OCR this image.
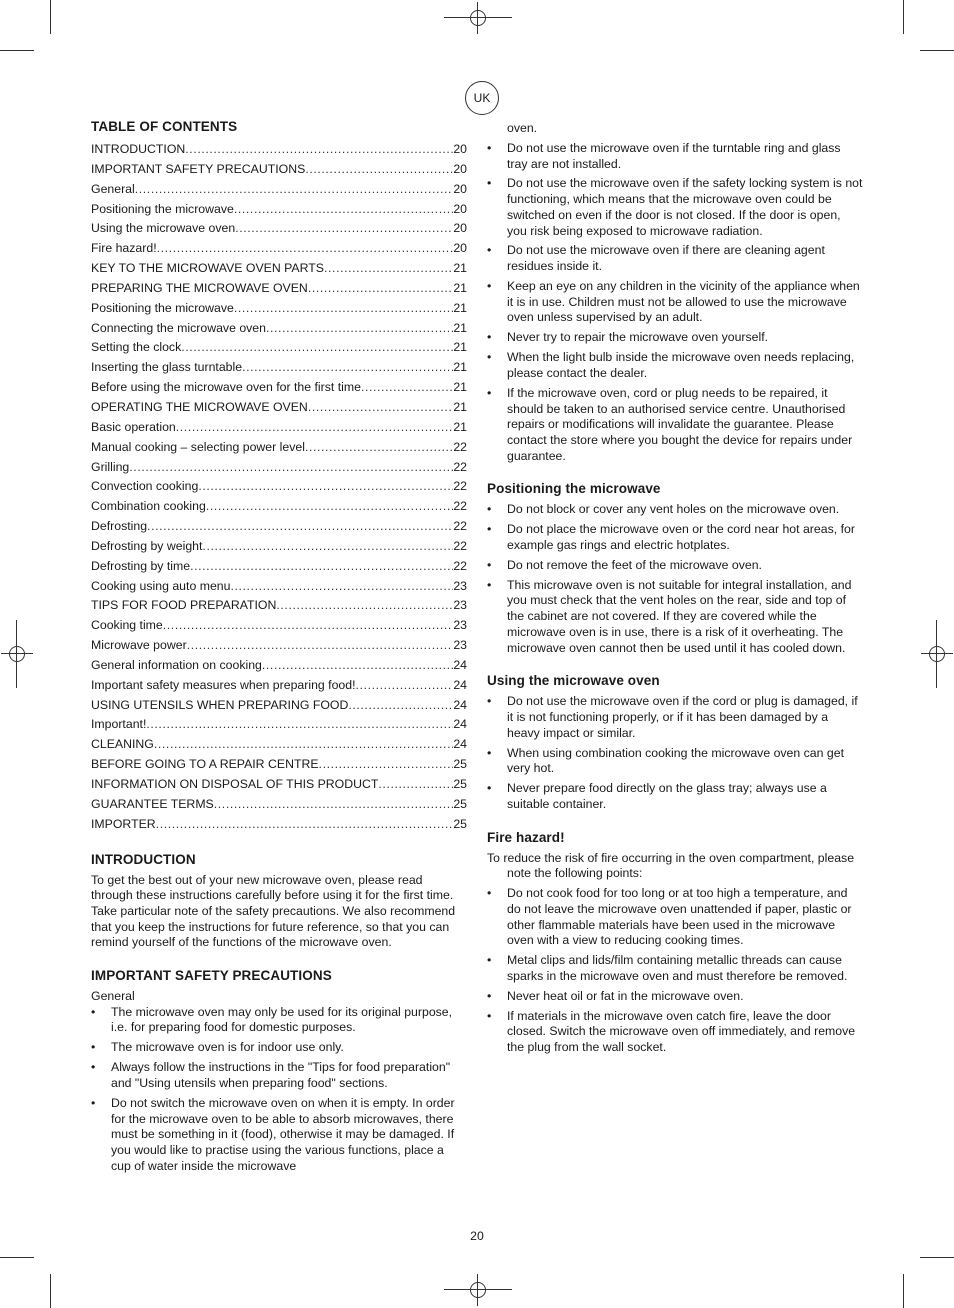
UK
TABLE OF CONTENTS
INTRODUCTION .....	20
IMPORTANT SAFETY PRECAUTIONS .....	20
General .....	20
Positioning the microwave .....	20
Using the microwave oven .....	20
Fire hazard! .....	20
KEY TO THE MICROWAVE OVEN PARTS .....	21
PREPARING THE MICROWAVE OVEN .....	21
Positioning the microwave .....	21
Connecting the microwave oven .....	21
Setting the clock .....	21
Inserting the glass turntable .....	21
Before using the microwave oven for the first time .....	21
OPERATING THE MICROWAVE OVEN .....	21
Basic operation .....	21
Manual cooking – selecting power level .....	22
Grilling .....	22
Convection cooking .....	22
Combination cooking .....	22
Defrosting .....	22
Defrosting by weight .....	22
Defrosting by time .....	22
Cooking using auto menu .....	23
TIPS FOR FOOD PREPARATION .....	23
Cooking time .....	23
Microwave power .....	23
General information on cooking .....	24
Important safety measures when preparing food! .....	24
USING UTENSILS WHEN PREPARING FOOD .....	24
Important! .....	24
CLEANING .....	24
BEFORE GOING TO A REPAIR CENTRE .....	25
INFORMATION ON DISPOSAL OF THIS PRODUCT .....	25
GUARANTEE TERMS .....	25
IMPORTER .....	25
INTRODUCTION

To get the best out of your new microwave oven, please read through these instructions carefully before using it for the first time. Take particular note of the safety precautions. We also recommend that you keep the instructions for future reference, so that you can remind yourself of the functions of the microwave oven.

IMPORTANT SAFETY PRECAUTIONS

General

• The microwave oven may only be used for its original purpose, i.e. for preparing food for domestic purposes.
• The microwave oven is for indoor use only.
• Always follow the instructions in the "Tips for food preparation" and "Using utensils when preparing food" sections.
• Do not switch the microwave oven on when it is empty. In order for the microwave oven to be able to absorb microwaves, there must be something in it (food), otherwise it may be damaged. If you would like to practise using the various functions, place a cup of water inside the microwave

oven.

• Do not use the microwave oven if the turntable ring and glass tray are not installed.
• Do not use the microwave oven if the safety locking system is not functioning, which means that the microwave oven could be switched on even if the door is not closed. If the door is open, you risk being exposed to microwave radiation.
• Do not use the microwave oven if there are cleaning agent residues inside it.
• Keep an eye on any children in the vicinity of the appliance when it is in use. Children must not be allowed to use the microwave oven unless supervised by an adult.
• Never try to repair the microwave oven yourself.
• When the light bulb inside the microwave oven needs replacing, please contact the dealer.
• If the microwave oven, cord or plug needs to be repaired, it should be taken to an authorised service centre. Unauthorised repairs or modifications will invalidate the guarantee. Please contact the store where you bought the device for repairs under guarantee.
Positioning the microwave
• Do not block or cover any vent holes on the microwave oven.
• Do not place the microwave oven or the cord near hot areas, for example gas rings and electric hotplates.
• Do not remove the feet of the microwave oven.
• This microwave oven is not suitable for integral installation, and you must check that the vent holes on the rear, side and top of the cabinet are not covered. If they are covered while the microwave oven is in use, there is a risk of it overheating. The microwave oven cannot then be used until it has cooled down.
Using the microwave oven
• Do not use the microwave oven if the cord or plug is damaged, if it is not functioning properly, or if it has been damaged by a heavy impact or similar.
• When using combination cooking the microwave oven can get very hot.
• Never prepare food directly on the glass tray; always use a suitable container.
Fire hazard!

To reduce the risk of fire occurring in the oven compartment, please note the following points:

• Do not cook food for too long or at too high a temperature, and do not leave the microwave oven unattended if paper, plastic or other flammable materials have been used in the microwave oven with a view to reducing cooking times.
• Metal clips and lids/film containing metallic threads can cause sparks in the microwave oven and must therefore be removed.
• Never heat oil or fat in the microwave oven.
• If materials in the microwave oven catch fire, leave the door closed. Switch the microwave oven off immediately, and remove the plug from the wall socket.
20
